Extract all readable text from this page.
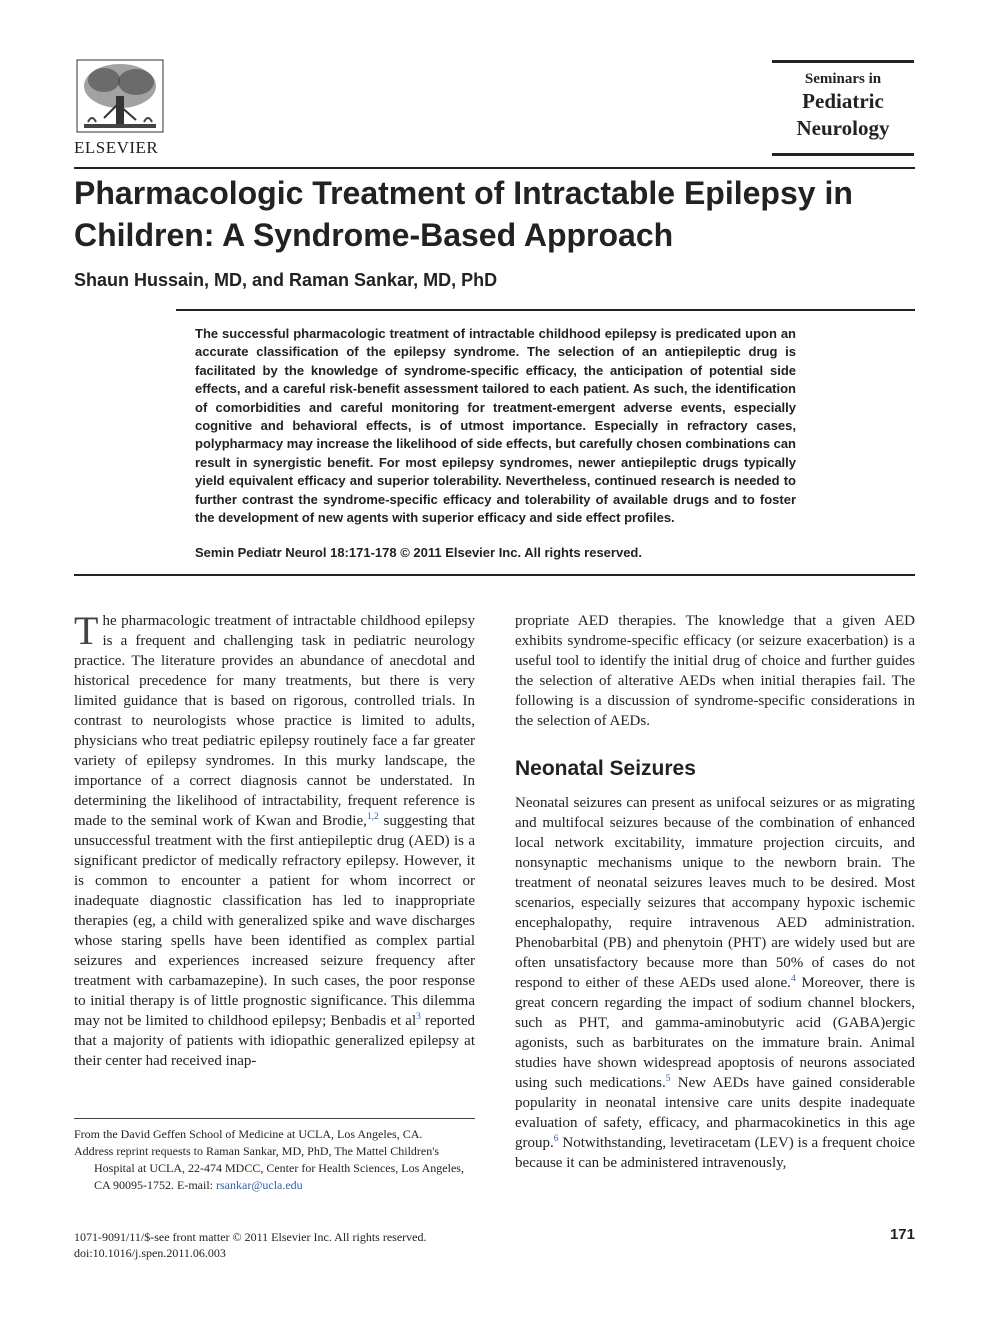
ELSEVIER
Seminars in
Pediatric
Neurology
Pharmacologic Treatment of Intractable Epilepsy in Children: A Syndrome-Based Approach
Shaun Hussain, MD, and Raman Sankar, MD, PhD

The successful pharmacologic treatment of intractable childhood epilepsy is predicated upon an accurate classification of the epilepsy syndrome. The selection of an antiepileptic drug is facilitated by the knowledge of syndrome-specific efficacy, the anticipation of potential side effects, and a careful risk-benefit assessment tailored to each patient. As such, the identification of comorbidities and careful monitoring for treatment-emergent adverse events, especially cognitive and behavioral effects, is of utmost importance. Especially in refractory cases, polypharmacy may increase the likelihood of side effects, but carefully chosen combinations can result in synergistic benefit. For most epilepsy syndromes, newer antiepileptic drugs typically yield equivalent efficacy and superior tolerability. Nevertheless, continued research is needed to further contrast the syndrome-specific efficacy and tolerability of available drugs and to foster the development of new agents with superior efficacy and side effect profiles.

Semin Pediatr Neurol 18:171-178 © 2011 Elsevier Inc. All rights reserved.
The pharmacologic treatment of intractable childhood epilepsy is a frequent and challenging task in pediatric neurology practice. The literature provides an abundance of anecdotal and historical precedence for many treatments, but there is very limited guidance that is based on rigorous, controlled trials. In contrast to neurologists whose practice is limited to adults, physicians who treat pediatric epilepsy routinely face a far greater variety of epilepsy syndromes. In this murky landscape, the importance of a correct diagnosis cannot be understated. In determining the likelihood of intractability, frequent reference is made to the seminal work of Kwan and Brodie,$^{1,2}$ suggesting that unsuccessful treatment with the first antiepileptic drug (AED) is a significant predictor of medically refractory epilepsy. However, it is common to encounter a patient for whom incorrect or inadequate diagnostic classification has led to inappropriate therapies (eg, a child with generalized spike and wave discharges whose staring spells have been identified as complex partial seizures and experiences increased seizure frequency after treatment with carbamazepine). In such cases, the poor response to initial therapy is of little prognostic significance. This dilemma may not be limited to childhood epilepsy; Benbadis et al$^3$ reported that a majority of patients with idiopathic generalized epilepsy at their center had received inap-
propriate AED therapies. The knowledge that a given AED exhibits syndrome-specific efficacy (or seizure exacerbation) is a useful tool to identify the initial drug of choice and further guides the selection of alterative AEDs when initial therapies fail. The following is a discussion of syndrome-specific considerations in the selection of AEDs.
Neonatal Seizures
Neonatal seizures can present as unifocal seizures or as migrating and multifocal seizures because of the combination of enhanced local network excitability, immature projection circuits, and nonsynaptic mechanisms unique to the newborn brain. The treatment of neonatal seizures leaves much to be desired. Most scenarios, especially seizures that accompany hypoxic ischemic encephalopathy, require intravenous AED administration. Phenobarbital (PB) and phenytoin (PHT) are widely used but are often unsatisfactory because more than 50% of cases do not respond to either of these AEDs used alone.$^4$ Moreover, there is great concern regarding the impact of sodium channel blockers, such as PHT, and gamma-aminobutyric acid (GABA)ergic agonists, such as barbiturates on the immature brain. Animal studies have shown widespread apoptosis of neurons associated using such medications.$^5$ New AEDs have gained considerable popularity in neonatal intensive care units despite inadequate evaluation of safety, efficacy, and pharmacokinetics in this age group.$^6$ Notwithstanding, levetiracetam (LEV) is a frequent choice because it can be administered intravenously,
From the David Geffen School of Medicine at UCLA, Los Angeles, CA.
Address reprint requests to Raman Sankar, MD, PhD, The Mattel Children's Hospital at UCLA, 22-474 MDCC, Center for Health Sciences, Los Angeles, CA 90095-1752. E-mail: rsankar@ucla.edu
1071-9091/11/$-see front matter © 2011 Elsevier Inc. All rights reserved.
doi:10.1016/j.spen.2011.06.003
171
